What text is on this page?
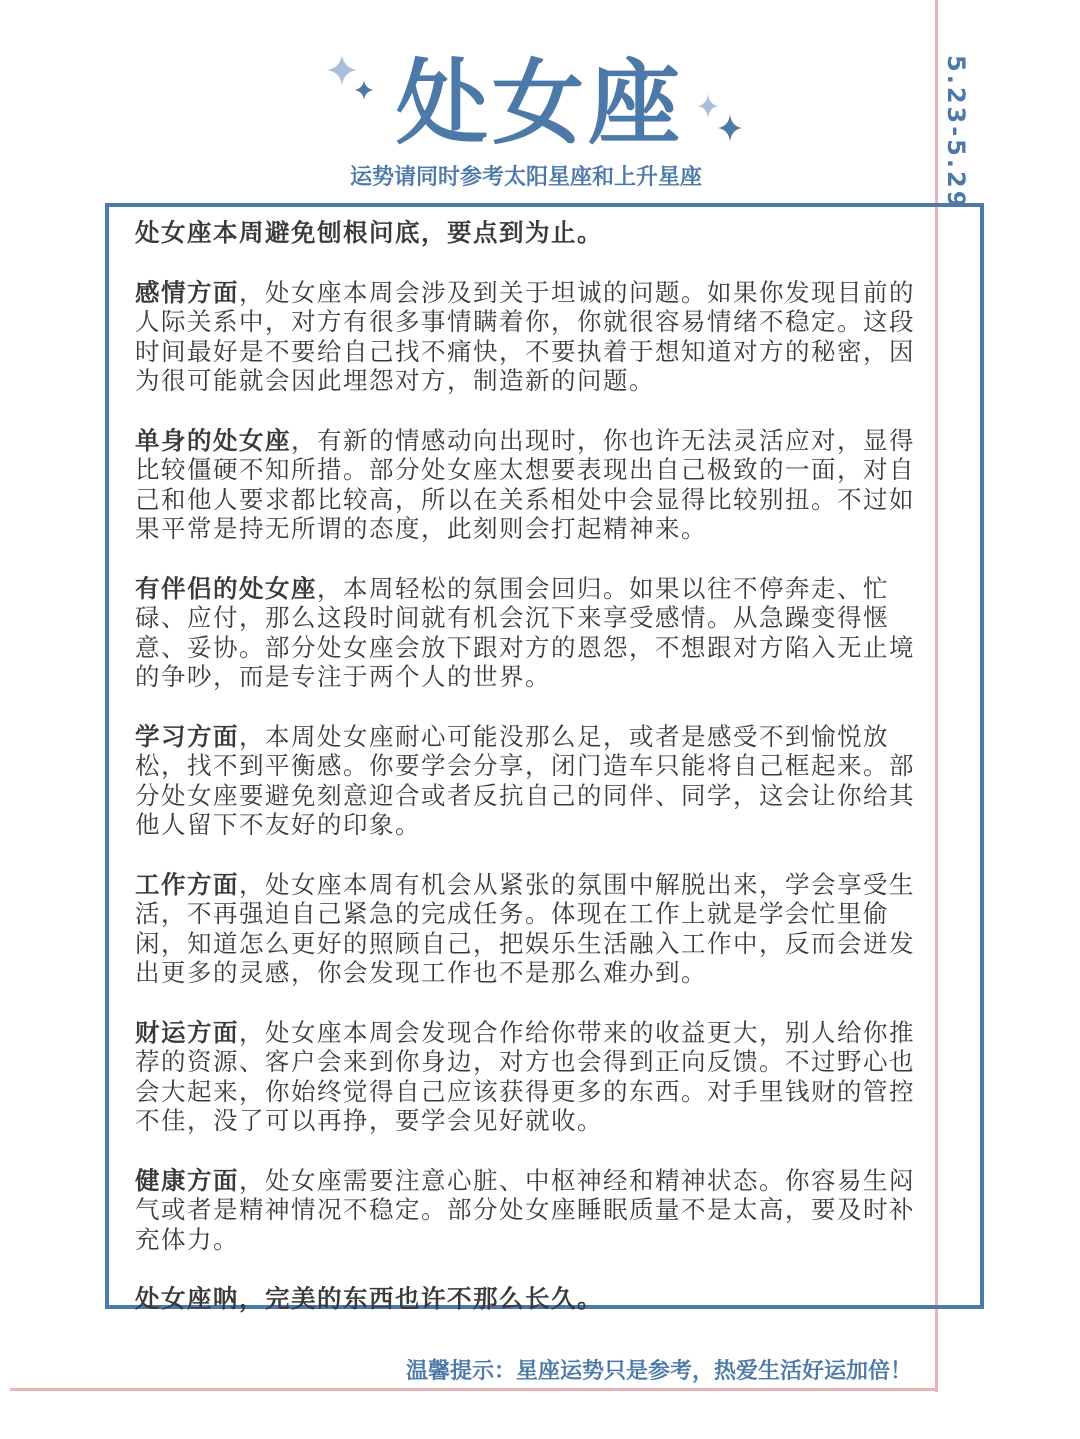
处女座
运势请同时参考太阳星座和上升星座	5.23-5.29

处女座本周避免刨根问底，要点到为止。

感情方面，处女座本周会涉及到关于坦诚的问题。如果你发现目前的人际关系中，对方有很多事情瞒着你，你就很容易情绪不稳定。这段时间最好是不要给自己找不痛快，不要执着于想知道对方的秘密，因为很可能就会因此埋怨对方，制造新的问题。

单身的处女座，有新的情感动向出现时，你也许无法灵活应对，显得比较僵硬不知所措。部分处女座太想要表现出自己极致的一面，对自己和他人要求都比较高，所以在关系相处中会显得比较别扭。不过如果平常是持无所谓的态度，此刻则会打起精神来。

有伴侣的处女座，本周轻松的氛围会回归。如果以往不停奔走、忙碌、应付，那么这段时间就有机会沉下来享受感情。从急躁变得惬意、妥协。部分处女座会放下跟对方的恩怨，不想跟对方陷入无止境的争吵，而是专注于两个人的世界。

学习方面，本周处女座耐心可能没那么足，或者是感受不到愉悦放松，找不到平衡感。你要学会分享，闭门造车只能将自己框起来。部分处女座要避免刻意迎合或者反抗自己的同伴、同学，这会让你给其他人留下不友好的印象。

工作方面，处女座本周有机会从紧张的氛围中解脱出来，学会享受生活，不再强迫自己紧急的完成任务。体现在工作上就是学会忙里偷闲，知道怎么更好的照顾自己，把娱乐生活融入工作中，反而会迸发出更多的灵感，你会发现工作也不是那么难办到。

财运方面，处女座本周会发现合作给你带来的收益更大，别人给你推荐的资源、客户会来到你身边，对方也会得到正向反馈。不过野心也会大起来，你始终觉得自己应该获得更多的东西。对手里钱财的管控不佳，没了可以再挣，要学会见好就收。

健康方面，处女座需要注意心脏、中枢神经和精神状态。你容易生闷气或者是精神情况不稳定。部分处女座睡眠质量不是太高，要及时补充体力。

处女座呐，完美的东西也许不那么长久。

温馨提示：星座运势只是参考，热爱生活好运加倍！
